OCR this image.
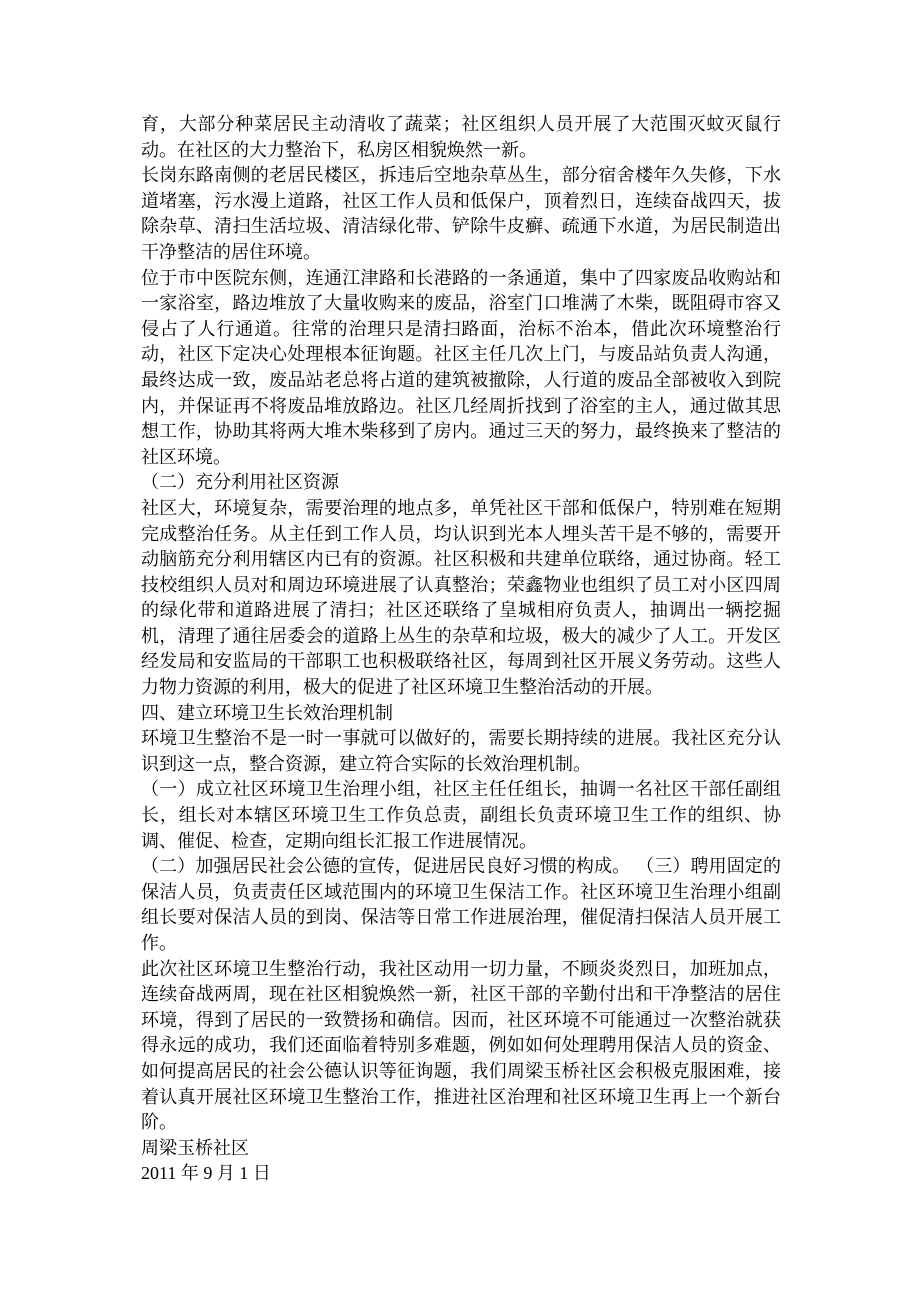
育，大部分种菜居民主动清收了蔬菜；社区组织人员开展了大范围灭蚊灭鼠行动。在社区的大力整治下，私房区相貌焕然一新。

长岗东路南侧的老居民楼区，拆违后空地杂草丛生，部分宿舍楼年久失修，下水道堵塞，污水漫上道路，社区工作人员和低保户，顶着烈日，连续奋战四天，拔除杂草、清扫生活垃圾、清洁绿化带、铲除牛皮癣、疏通下水道，为居民制造出干净整洁的居住环境。

位于市中医院东侧，连通江津路和长港路的一条通道，集中了四家废品收购站和一家浴室，路边堆放了大量收购来的废品，浴室门口堆满了木柴，既阻碍市容又侵占了人行通道。往常的治理只是清扫路面，治标不治本，借此次环境整治行动，社区下定决心处理根本征询题。社区主任几次上门，与废品站负责人沟通，最终达成一致，废品站老总将占道的建筑被撤除，人行道的废品全部被收入到院内，并保证再不将废品堆放路边。社区几经周折找到了浴室的主人，通过做其思想工作，协助其将两大堆木柴移到了房内。通过三天的努力，最终换来了整洁的社区环境。

（二）充分利用社区资源

社区大，环境复杂，需要治理的地点多，单凭社区干部和低保户，特别难在短期完成整治任务。从主任到工作人员，均认识到光本人埋头苦干是不够的，需要开动脑筋充分利用辖区内已有的资源。社区积极和共建单位联络，通过协商。轻工技校组织人员对和周边环境进展了认真整治；荣鑫物业也组织了员工对小区四周的绿化带和道路进展了清扫；社区还联络了皇城相府负责人，抽调出一辆挖掘机，清理了通往居委会的道路上丛生的杂草和垃圾，极大的减少了人工。开发区经发局和安监局的干部职工也积极联络社区，每周到社区开展义务劳动。这些人力物力资源的利用，极大的促进了社区环境卫生整治活动的开展。

四、建立环境卫生长效治理机制

环境卫生整治不是一时一事就可以做好的，需要长期持续的进展。我社区充分认识到这一点，整合资源，建立符合实际的长效治理机制。

（一）成立社区环境卫生治理小组，社区主任任组长，抽调一名社区干部任副组长，组长对本辖区环境卫生工作负总责，副组长负责环境卫生工作的组织、协调、催促、检查，定期向组长汇报工作进展情况。

（二）加强居民社会公德的宣传，促进居民良好习惯的构成。 （三）聘用固定的保洁人员，负责责任区域范围内的环境卫生保洁工作。社区环境卫生治理小组副组长要对保洁人员的到岗、保洁等日常工作进展治理，催促清扫保洁人员开展工作。

此次社区环境卫生整治行动，我社区动用一切力量，不顾炎炎烈日，加班加点，连续奋战两周，现在社区相貌焕然一新，社区干部的辛勤付出和干净整洁的居住环境，得到了居民的一致赞扬和确信。因而，社区环境不可能通过一次整治就获得永远的成功，我们还面临着特别多难题，例如如何处理聘用保洁人员的资金、如何提高居民的社会公德认识等征询题，我们周梁玉桥社区会积极克服困难，接着认真开展社区环境卫生整治工作，推进社区治理和社区环境卫生再上一个新台阶。

周梁玉桥社区

2011 年 9 月 1 日
